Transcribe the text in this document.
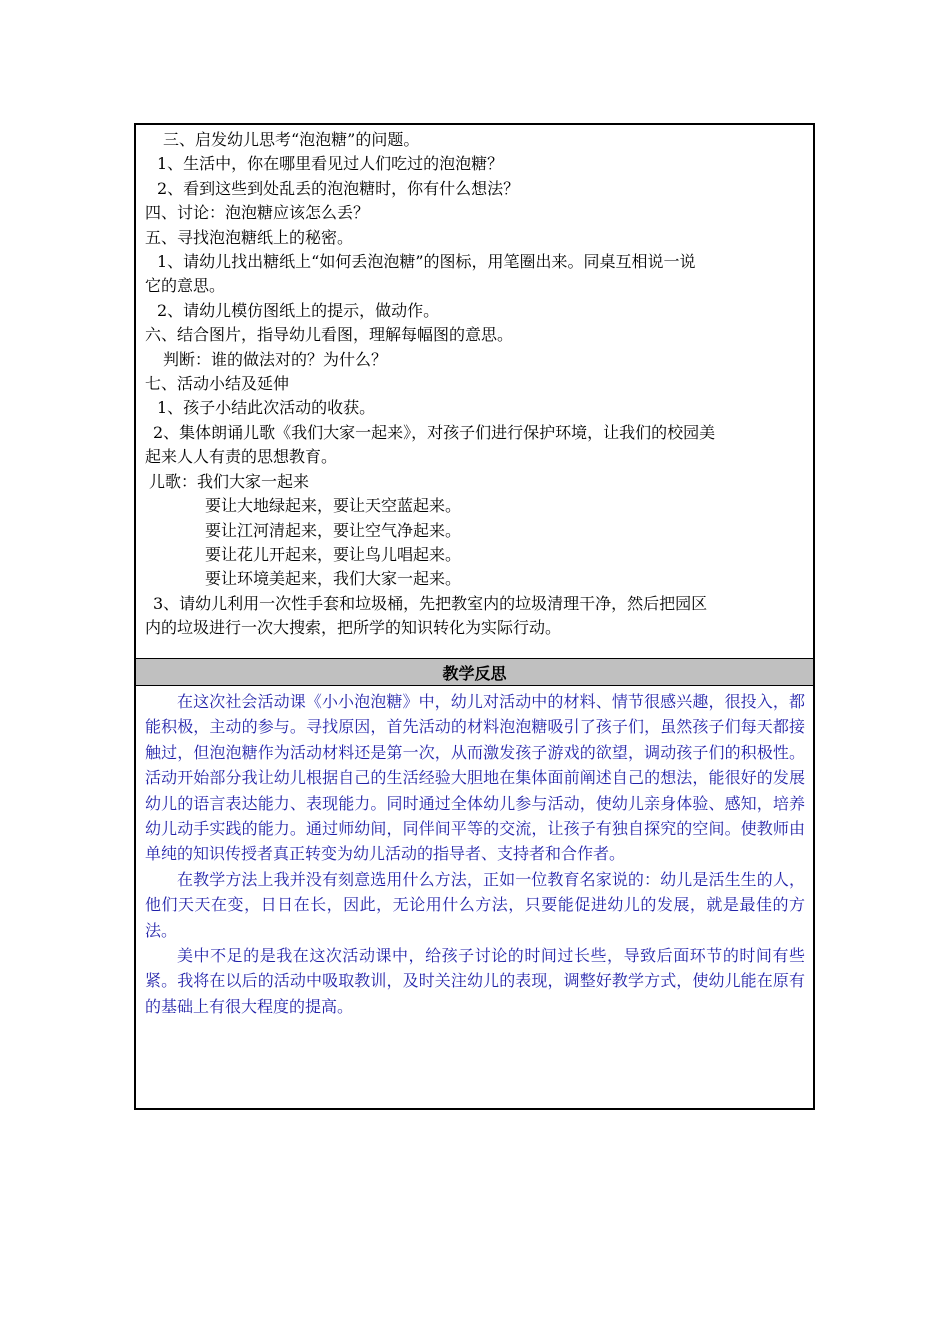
三、启发幼儿思考“泡泡糖”的问题。
1、生活中，你在哪里看见过人们吃过的泡泡糖？
2、看到这些到处乱丢的泡泡糖时，你有什么想法？
四、讨论：泡泡糖应该怎么丢？
五、寻找泡泡糖纸上的秘密。
1、请幼儿找出糖纸上“如何丢泡泡糖”的图标，用笔圈出来。同桌互相说一说
它的意思。
2、请幼儿模仿图纸上的提示，做动作。
六、结合图片，指导幼儿看图，理解每幅图的意思。
判断：谁的做法对的？为什么？
七、活动小结及延伸
1、孩子小结此次活动的收获。
2、集体朗诵儿歌《我们大家一起来》，对孩子们进行保护环境，让我们的校园美
起来人人有责的思想教育。
儿歌：我们大家一起来
要让大地绿起来，要让天空蓝起来。
要让江河清起来，要让空气净起来。
要让花儿开起来，要让鸟儿唱起来。
要让环境美起来，我们大家一起来。
3、请幼儿利用一次性手套和垃圾桶，先把教室内的垃圾清理干净，然后把园区
内的垃圾进行一次大搜索，把所学的知识转化为实际行动。
教学反思

在这次社会活动课《小小泡泡糖》中，幼儿对活动中的材料、情节很感兴趣，很投入，都能积极，主动的参与。寻找原因，首先活动的材料泡泡糖吸引了孩子们，虽然孩子们每天都接触过，但泡泡糖作为活动材料还是第一次，从而激发孩子游戏的欲望，调动孩子们的积极性。活动开始部分我让幼儿根据自己的生活经验大胆地在集体面前阐述自己的想法，能很好的发展幼儿的语言表达能力、表现能力。同时通过全体幼儿参与活动，使幼儿亲身体验、感知，培养幼儿动手实践的能力。通过师幼间，同伴间平等的交流，让孩子有独自探究的空间。使教师由单纯的知识传授者真正转变为幼儿活动的指导者、支持者和合作者。

在教学方法上我并没有刻意选用什么方法，正如一位教育名家说的：幼儿是活生生的人，他们天天在变，日日在长，因此，无论用什么方法，只要能促进幼儿的发展，就是最佳的方法。

美中不足的是我在这次活动课中，给孩子讨论的时间过长些，导致后面环节的时间有些紧。我将在以后的活动中吸取教训，及时关注幼儿的表现，调整好教学方式，使幼儿能在原有的基础上有很大程度的提高。
